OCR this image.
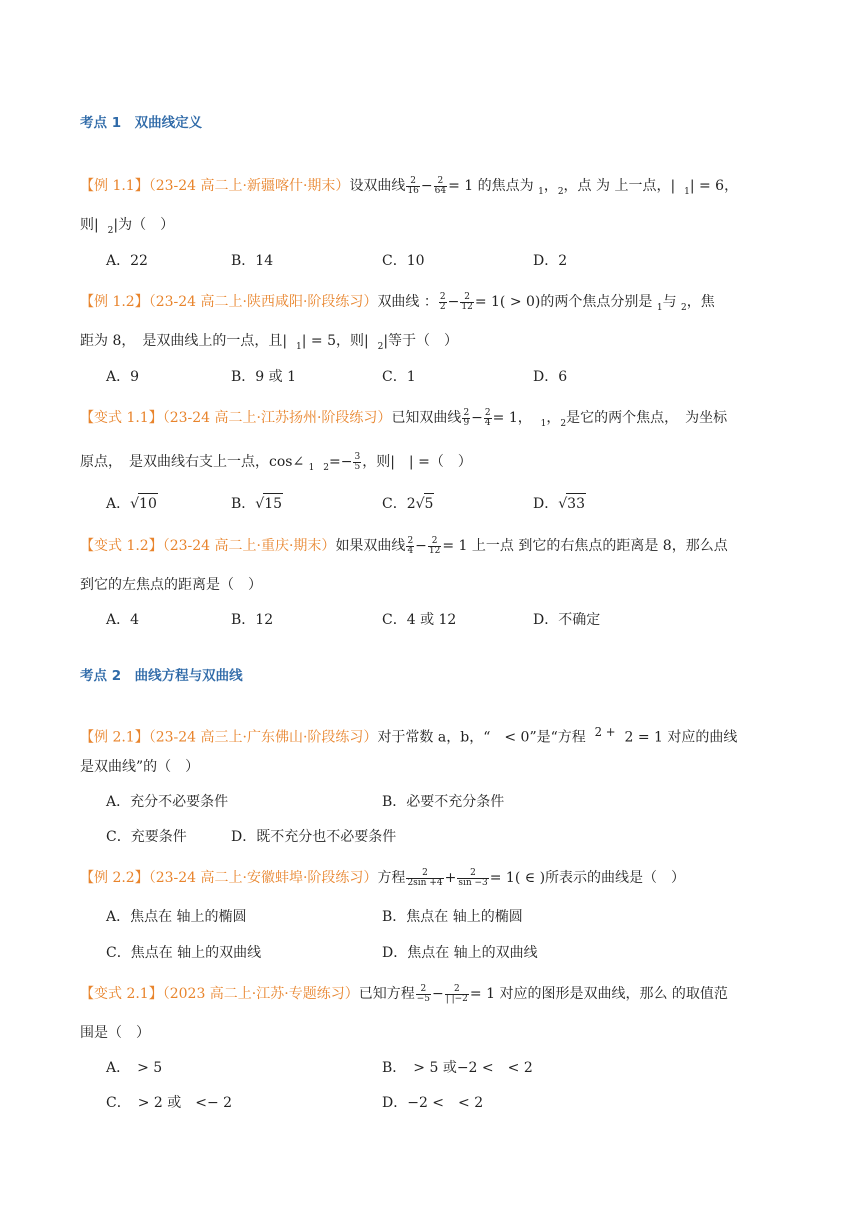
考点 1　双曲线定义
【例 1.1】（23-24 高二上·新疆喀什·期末）设双曲线 $\frac{2}{16} - \frac{2}{64} = 1$ 的焦点为 $_1$，$_2$，点 为 上一点，| $_1$| = 6，
则| $_2$|为（　）
A．22	B．14	C．10	D．2
【例 1.2】（23-24 高二上·陕西咸阳·阶段练习）双曲线 ： $\frac{2}{2} - \frac{2}{12} = 1( > 0)$的两个焦点分别是 $_1$与 $_2$，焦
距为 8，　是双曲线上的一点，且| $_1$| = 5，则| $_2$|等于（　）
A．9	B．9 或 1	C．1	D．6
【变式 1.1】（23-24 高二上·江苏扬州·阶段练习）已知双曲线 $\frac{2}{9} - \frac{2}{4} = 1$， $_1$，$_2$是它的两个焦点，　为坐标
原点，　是双曲线右支上一点，cos∠ $_1$ $_2=- \frac{3}{5}$ ，则|　| =（　）
A．√10	B．√15	C．2√5	D．√33
【变式 1.2】（23-24 高二上·重庆·期末）如果双曲线 $\frac{2}{4} - \frac{2}{12} = 1$ 上一点 到它的右焦点的距离是 8，那么点
到它的左焦点的距离是（　）
A．4	B．12	C．4 或 12	D．不确定
考点 2　曲线方程与双曲线
【例 2.1】（23-24 高三上·广东佛山·阶段练习）对于常数 a，b，“　< 0”是“方程 $^{2 +}$ 2 = 1 对应的曲线
是双曲线”的（　）
A．充分不必要条件	B．必要不充分条件
C．充要条件	D．既不充分也不必要条件
【例 2.2】（23-24 高二上·安徽蚌埠·阶段练习）方程 $\frac{2}{2\sin +4} + \frac{2}{\sin -3} = 1$( ∈ )所表示的曲线是（　）
A．焦点在 轴上的椭圆	B．焦点在 轴上的椭圆
C．焦点在 轴上的双曲线	D．焦点在 轴上的双曲线
【变式 2.1】（2023 高二上·江苏·专题练习）已知方程 $\frac{2}{-5} - \frac{2}{| |-2} = 1$ 对应的图形是双曲线，那么 的取值范
围是（　）
A．　> 5	B．　> 5 或−2 <　< 2
C．　> 2 或　<− 2	D．−2 <　< 2
